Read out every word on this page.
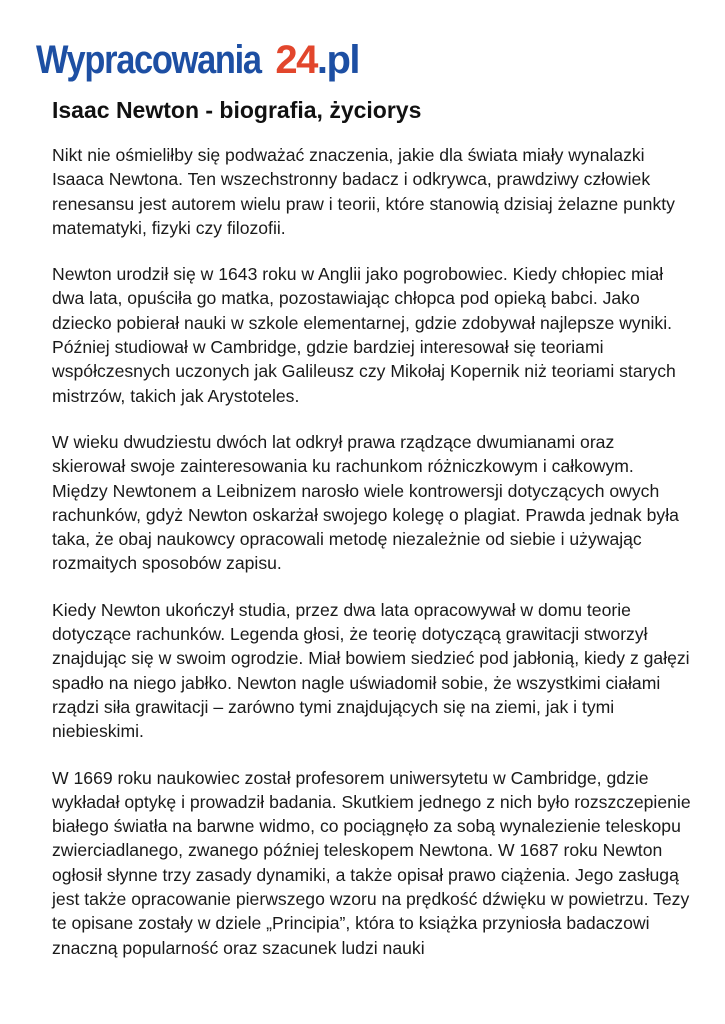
Wypracowania 24 .pl
Isaac Newton - biografia, życiorys

Nikt nie ośmieliłby się podważać znaczenia, jakie dla świata miały wynalazki Isaaca Newtona. Ten wszechstronny badacz i odkrywca, prawdziwy człowiek renesansu jest autorem wielu praw i teorii, które stanowią dzisiaj żelazne punkty matematyki, fizyki czy filozofii.

Newton urodził się w 1643 roku w Anglii jako pogrobowiec. Kiedy chłopiec miał dwa lata, opuściła go matka, pozostawiając chłopca pod opieką babci. Jako dziecko pobierał nauki w szkole elementarnej, gdzie zdobywał najlepsze wyniki. Później studiował w Cambridge, gdzie bardziej interesował się teoriami współczesnych uczonych jak Galileusz czy Mikołaj Kopernik niż teoriami starych mistrzów, takich jak Arystoteles.

W wieku dwudziestu dwóch lat odkrył prawa rządzące dwumianami oraz skierował swoje zainteresowania ku rachunkom różniczkowym i całkowym. Między Newtonem a Leibnizem narosło wiele kontrowersji dotyczących owych rachunków, gdyż Newton oskarżał swojego kolegę o plagiat. Prawda jednak była taka, że obaj naukowcy opracowali metodę niezależnie od siebie i używając rozmaitych sposobów zapisu.

Kiedy Newton ukończył studia, przez dwa lata opracowywał w domu teorie dotyczące rachunków. Legenda głosi, że teorię dotyczącą grawitacji stworzył znajdując się w swoim ogrodzie. Miał bowiem siedzieć pod jabłonią, kiedy z gałęzi spadło na niego jabłko. Newton nagle uświadomił sobie, że wszystkimi ciałami rządzi siła grawitacji – zarówno tymi znajdujących się na ziemi, jak i tymi niebieskimi.

W 1669 roku naukowiec został profesorem uniwersytetu w Cambridge, gdzie wykładał optykę i prowadził badania. Skutkiem jednego z nich było rozszczepienie białego światła na barwne widmo, co pociągnęło za sobą wynalezienie teleskopu zwierciadlanego, zwanego później teleskopem Newtona. W 1687 roku Newton ogłosił słynne trzy zasady dynamiki, a także opisał prawo ciążenia. Jego zasługą jest także opracowanie pierwszego wzoru na prędkość dźwięku w powietrzu. Tezy te opisane zostały w dziele „Principia”, która to książka przyniosła badaczowi znaczną popularność oraz szacunek ludzi nauki
